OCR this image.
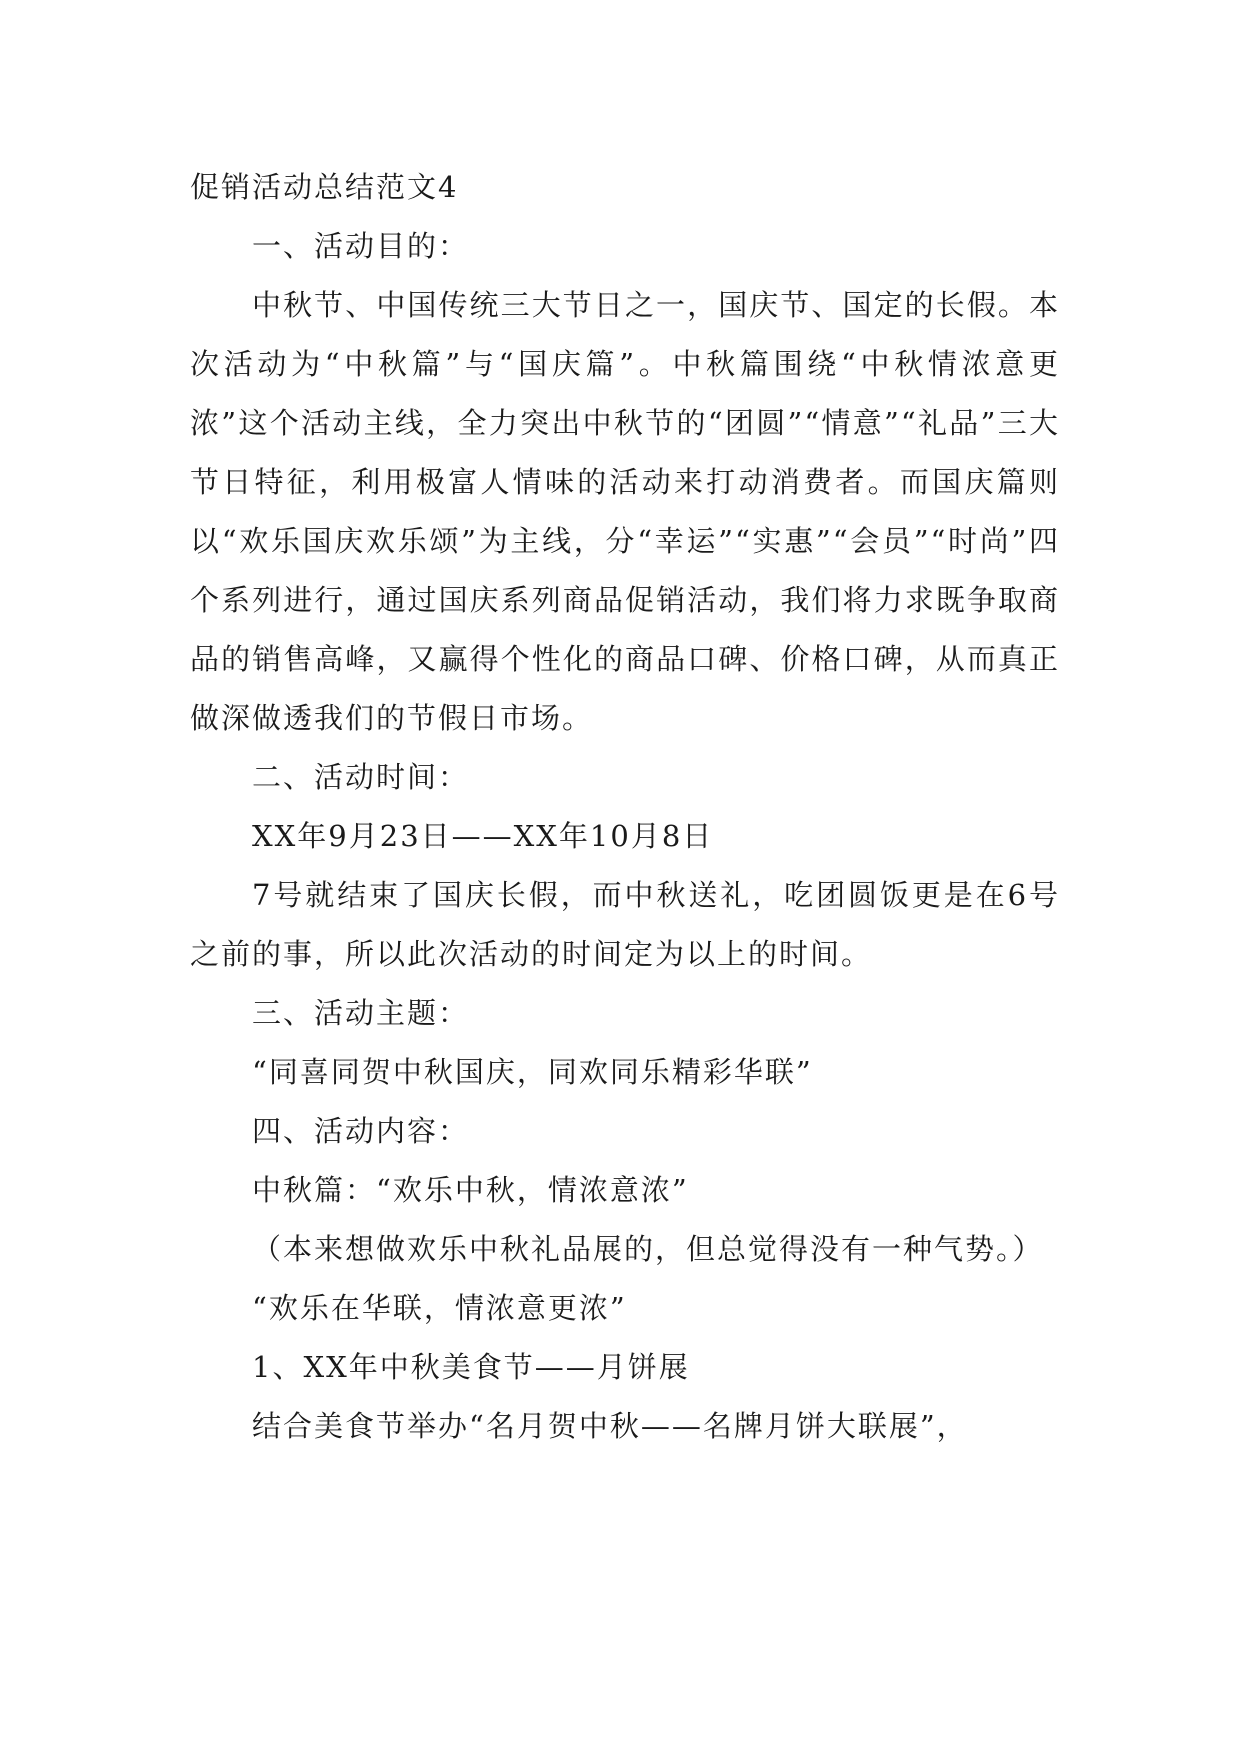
促销活动总结范文4

一、活动目的：

中秋节、中国传统三大节日之一，国庆节、国定的长假。本次活动为“中秋篇”与“国庆篇”。中秋篇围绕“中秋情浓意更浓”这个活动主线，全力突出中秋节的“团圆”“情意”“礼品”三大节日特征，利用极富人情味的活动来打动消费者。而国庆篇则以“欢乐国庆欢乐颂”为主线，分“幸运”“实惠”“会员”“时尚”四个系列进行，通过国庆系列商品促销活动，我们将力求既争取商品的销售高峰，又赢得个性化的商品口碑、价格口碑，从而真正做深做透我们的节假日市场。

二、活动时间：

XX年9月23日——XX年10月8日

7号就结束了国庆长假，而中秋送礼，吃团圆饭更是在6号之前的事，所以此次活动的时间定为以上的时间。

三、活动主题：

“同喜同贺中秋国庆，同欢同乐精彩华联”

四、活动内容：

中秋篇：“欢乐中秋，情浓意浓”

（本来想做欢乐中秋礼品展的，但总觉得没有一种气势。）

“欢乐在华联，情浓意更浓”

1、XX年中秋美食节——月饼展

结合美食节举办“名月贺中秋——名牌月饼大联展”，
